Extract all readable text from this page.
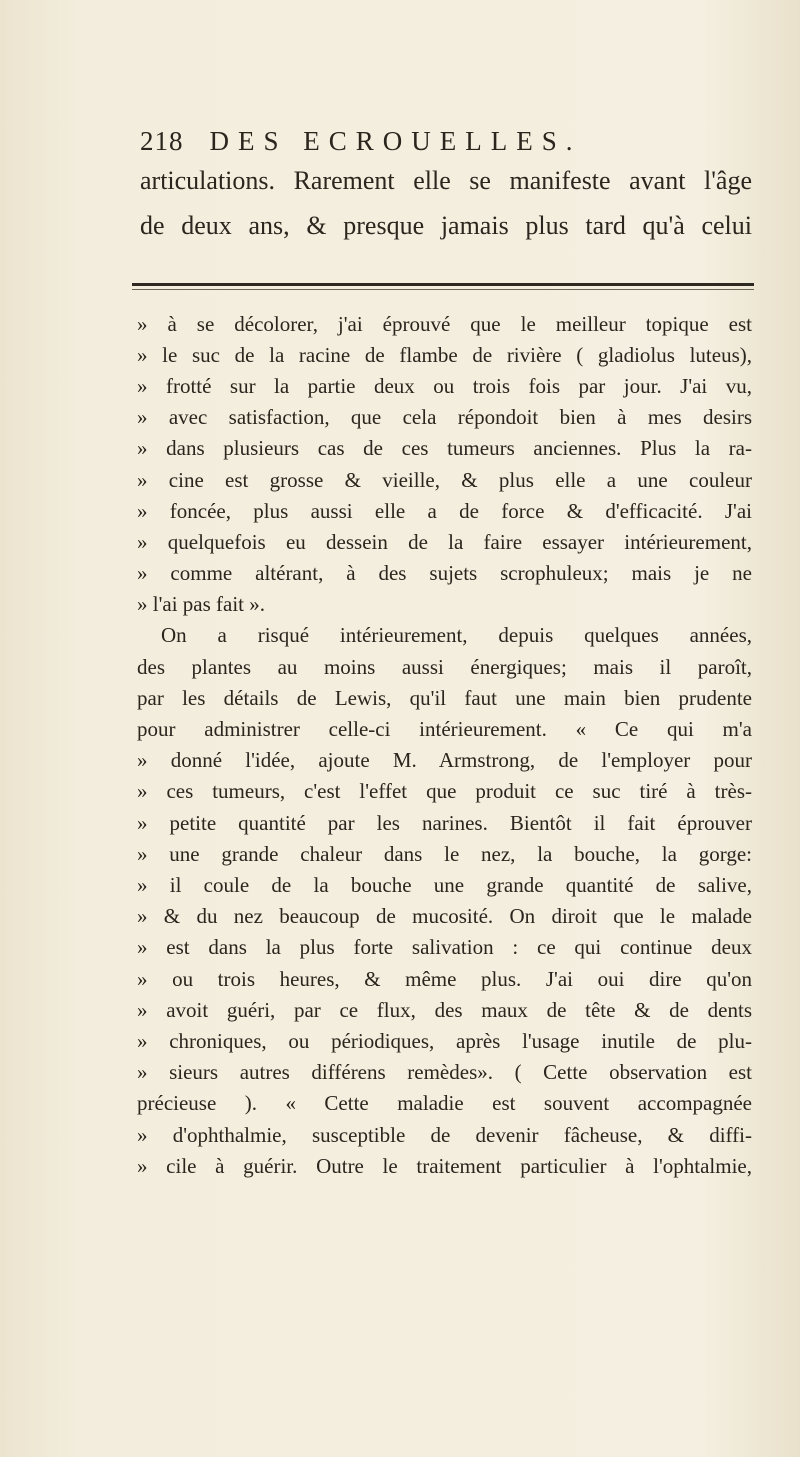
218 DES ECROUELLES.
articulations. Rarement elle se manifeste avant l'âge
de deux ans, & presque jamais plus tard qu'à celui
» à se décolorer, j'ai éprouvé que le meilleur topique est
» le suc de la racine de flambe de rivière ( gladiolus luteus),
» frotté sur la partie deux ou trois fois par jour. J'ai vu,
» avec satisfaction, que cela répondoit bien à mes desirs
» dans plusieurs cas de ces tumeurs anciennes. Plus la ra-
» cine est grosse & vieille, & plus elle a une couleur
» foncée, plus aussi elle a de force & d'efficacité. J'ai
» quelquefois eu dessein de la faire essayer intérieurement,
» comme altérant, à des sujets scrophuleux; mais je ne
» l'ai pas fait ».
On a risqué intérieurement, depuis quelques années,
des plantes au moins aussi énergiques; mais il paroît,
par les détails de Lewis, qu'il faut une main bien prudente
pour administrer celle-ci intérieurement. « Ce qui m'a
» donné l'idée, ajoute M. Armstrong, de l'employer pour
» ces tumeurs, c'est l'effet que produit ce suc tiré à très-
» petite quantité par les narines. Bientôt il fait éprouver
» une grande chaleur dans le nez, la bouche, la gorge:
» il coule de la bouche une grande quantité de salive,
» & du nez beaucoup de mucosité. On diroit que le malade
» est dans la plus forte salivation : ce qui continue deux
» ou trois heures, & même plus. J'ai oui dire qu'on
» avoit guéri, par ce flux, des maux de tête & de dents
» chroniques, ou périodiques, après l'usage inutile de plu-
» sieurs autres différens remèdes». ( Cette observation est
précieuse ). « Cette maladie est souvent accompagnée
» d'ophthalmie, susceptible de devenir fâcheuse, & diffi-
» cile à guérir. Outre le traitement particulier à l'ophtalmie,
